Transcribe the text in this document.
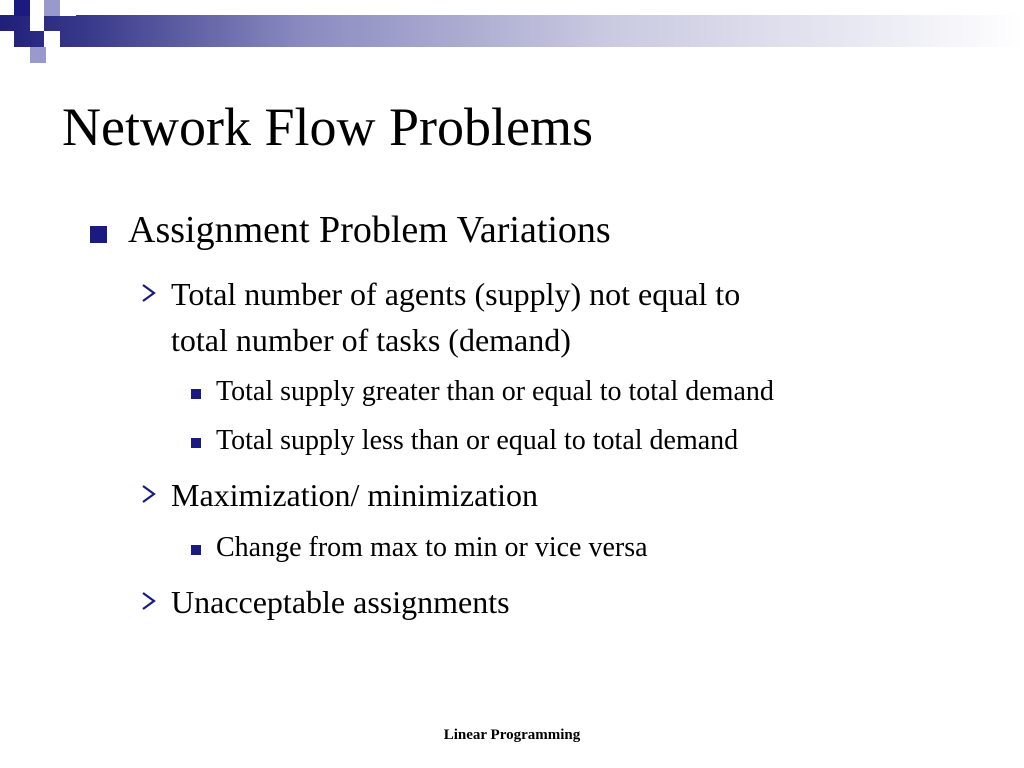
Network Flow Problems
Assignment Problem Variations
Total number of agents (supply) not equal to
total number of tasks (demand)
Total supply greater than or equal to total demand
Total supply less than or equal to total demand
Maximization/ minimization
Change from max to min or vice versa
Unacceptable assignments
Linear Programming
